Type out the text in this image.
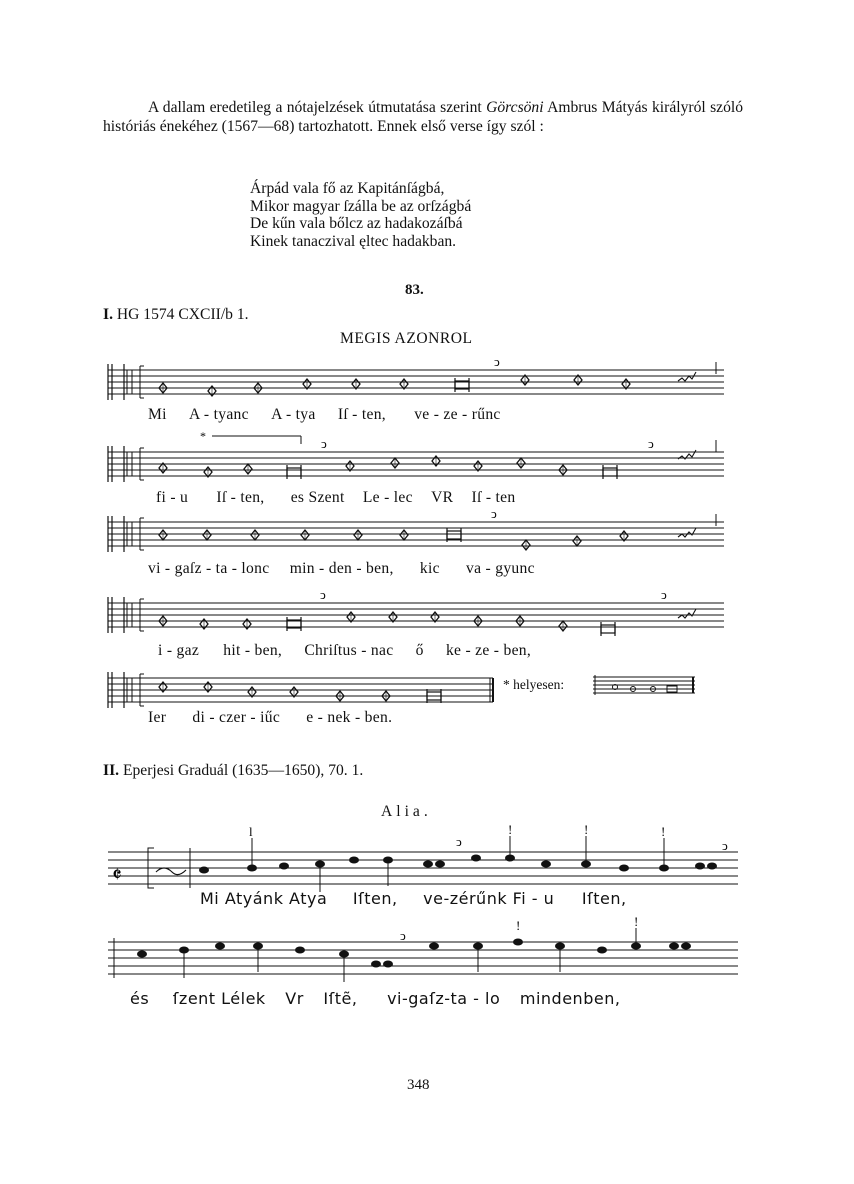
A dallam eredetileg a nótajelzések útmutatása szerint Görcsöni Ambrus Mátyás királyról szóló históriás énekéhez (1567—68) tartozhatott. Ennek első verse így szól :

Árpád vala fő az Kapitánſágbá,
Mikor magyar ſzálla be az orſzágbá
De kűn vala bőlcz az hadakozáſbá
Kinek tanaczival ęltec hadakban.
83.
I. HG 1574 CXCII/b 1.
MEGIS AZONROL
ͻ
*	ͻ	ͻ
ͻ
ͻ	ͻ
𝄵
l	!	!	!
ͻ	ͻ
!	!
ͻ
Mi A - tyanc A - tya Iſ - ten, ve - ze - rűnc
fi - u Iſ - ten, es Szent Le - lec VR Iſ - ten
vi - gaſz - ta - lonc min - den - ben, kic va - gyunc
i - gaz hit - ben, Chriſtus - nac ő ke - ze - ben,
Ier di - czer - iűc e - nek - ben.
* helyesen:
II. Eperjesi Graduál (1635—1650), 70. 1.
Alia.
Mi Atyánk Atya Iſten, ve-zérűnk Fi - u Iſten,
és ſzent Lélek Vr Iſtẽ, vi-gaſz-ta - lo mindenben,
348
